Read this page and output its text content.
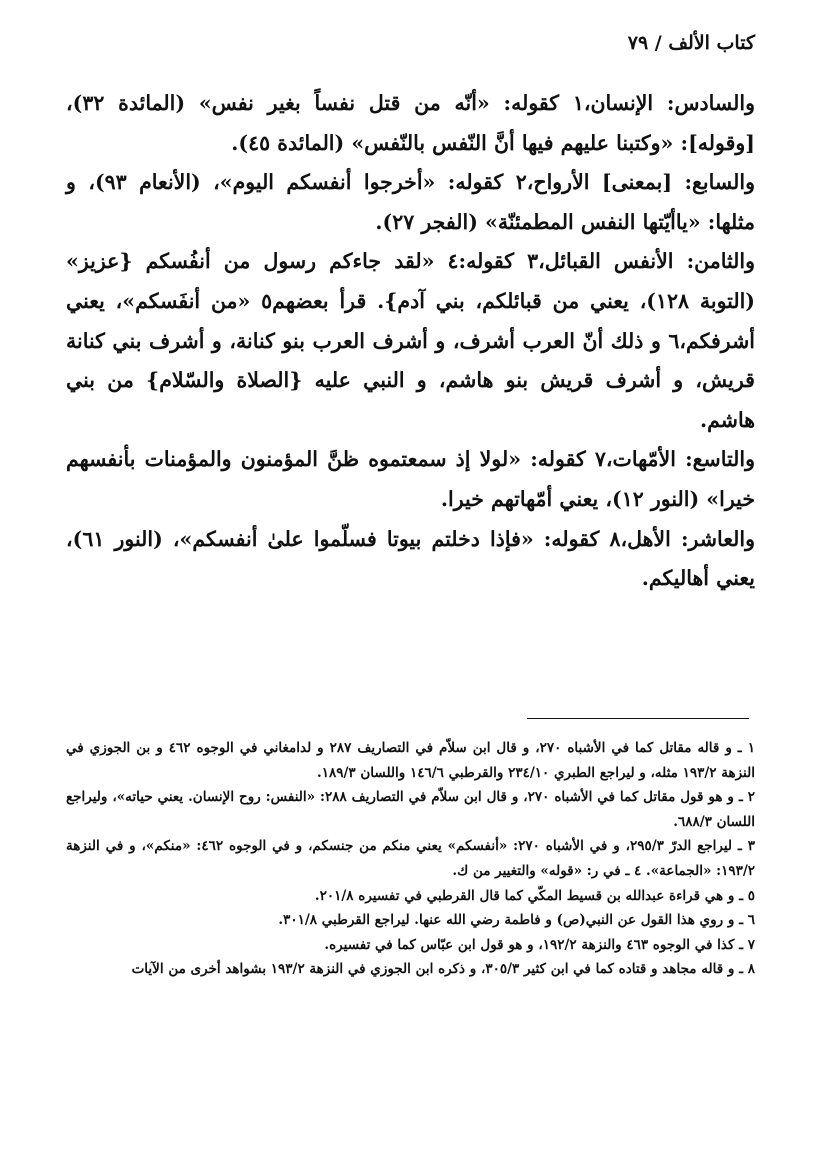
كتاب الألف / ٧٩

والسادس: الإنسان،١ كقوله: «أنّه من قتل نفساً بغير نفس» (المائدة ٣٢)، [وقوله]: «وكتبنا عليهم فيها أنَّ النّفس بالنّفس» (المائدة ٤٥).

والسابع: [بمعنى] الأرواح،٢ كقوله: «أخرجوا أنفسكم اليوم»، (الأنعام ٩٣)، و مثلها: «ياأيّتها النفس المطمئنّة» (الفجر ٢٧).

والثامن: الأنفس القبائل،٣ كقوله:٤ «لقد جاءكم رسول من أنفُسكم {عزيز» (التوبة ١٢٨)، يعني من قبائلكم، بني آدم}. قرأ بعضهم٥ «من أنفَسكم»، يعني أشرفكم،٦ و ذلك أنّ العرب أشرف، و أشرف العرب بنو كنانة، و أشرف بني كنانة قريش، و أشرف قريش بنو هاشم، و النبي عليه {الصلاة والسّلام} من بني هاشم.

والتاسع: الأمّهات،٧ كقوله: «لولا إذ سمعتموه ظنَّ المؤمنون والمؤمنات بأنفسهم خيرا» (النور ١٢)، يعني أمّهاتهم خيرا.

والعاشر: الأهل،٨ كقوله: «فإذا دخلتم بيوتا فسلّموا علىٰ أنفسكم»، (النور ٦١)، يعني أهاليكم.

١ ـ و قاله مقاتل كما في الأشباه ٢٧٠، و قال ابن سلاّم في التصاريف ٢٨٧ و لدامغاني في الوجوه ٤٦٢ و بن الجوزي في النزهة ١٩٣/٢ مثله، و ليراجع الطبري ٢٣٤/١٠ والقرطبي ١٤٦/٦ واللسان ١٨٩/٣.

٢ ـ و هو قول مقاتل كما في الأشباه ٢٧٠، و قال ابن سلاّم في التصاريف ٢٨٨: «النفس: روح الإنسان. يعني حياته»، وليراجع اللسان ٦٨٨/٣.

٣ ـ ليراجع الدرّ ٢٩٥/٣، و في الأشباه ٢٧٠: «أنفسكم» يعني منكم من جنسكم، و في الوجوه ٤٦٢: «منكم»، و في النزهة ١٩٣/٢: «الجماعة». ٤ ـ في ر: «قوله» والتغيير من ك.

٥ ـ و هي قراءة عبدالله بن قسيط المكّي كما قال القرطبي في تفسيره ٢٠١/٨.

٦ ـ و روي هذا القول عن النبي(ص) و فاطمة رضي الله عنها. ليراجع القرطبي ٣٠١/٨.

٧ ـ كذا في الوجوه ٤٦٣ والنزهة ١٩٢/٢، و هو قول ابن عبّاس كما في تفسيره.

٨ ـ و قاله مجاهد و قتاده كما في ابن كثير ٣٠٥/٣، و ذكره ابن الجوزي في النزهة ١٩٣/٢ بشواهد أخرى من الآيات
